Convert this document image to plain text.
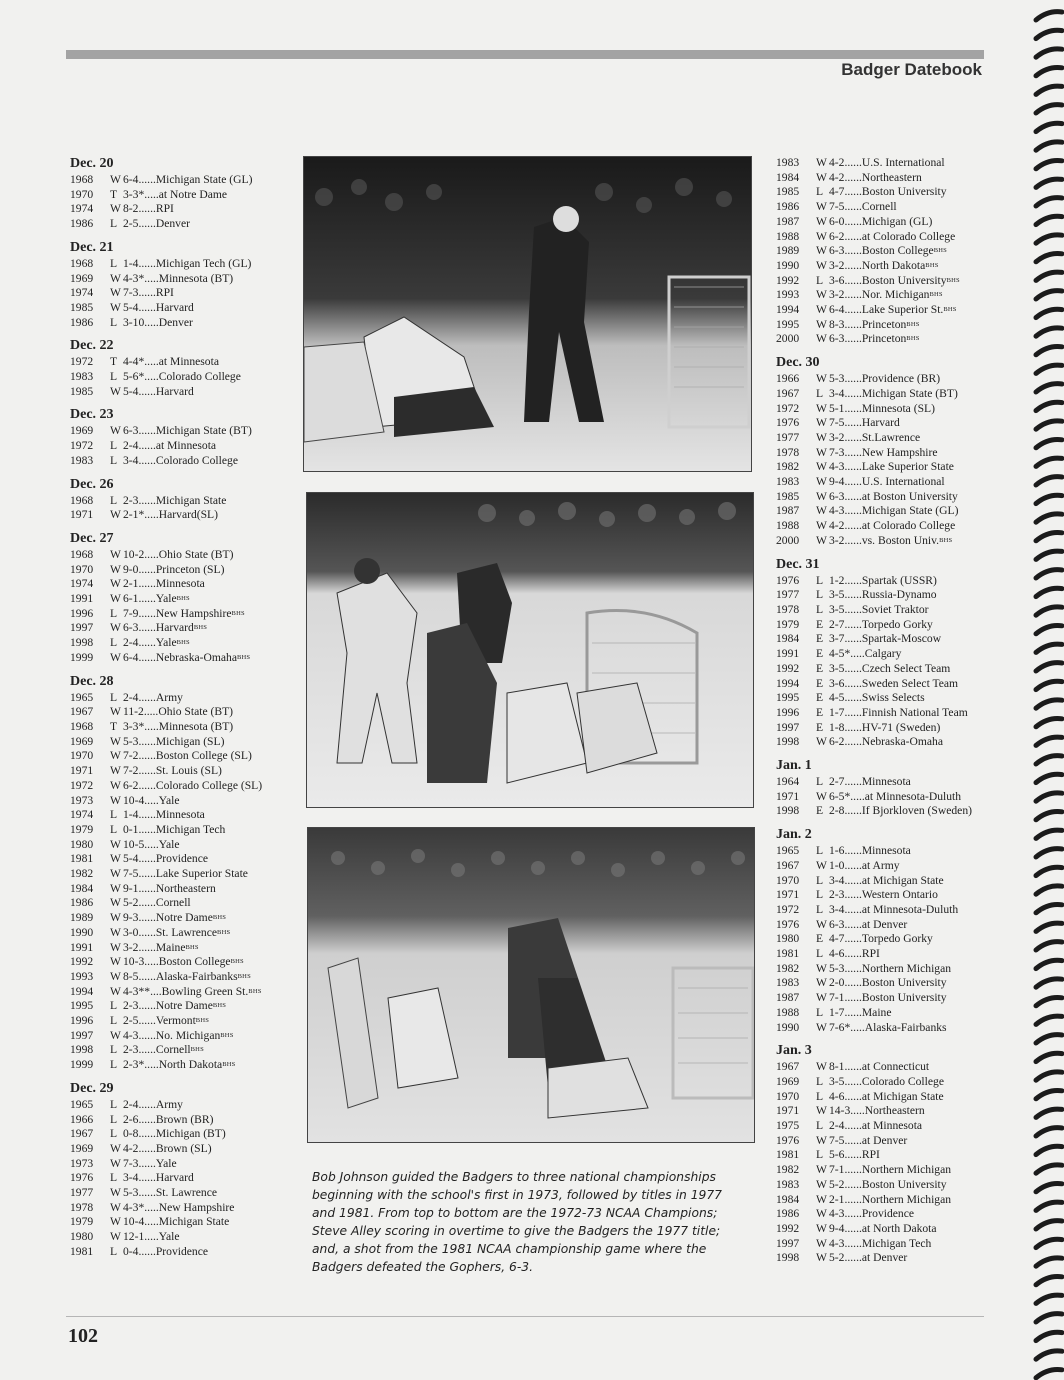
Badger Datebook
Dec. 20
1968	W 6-4 ...... Michigan State (GL)
1970	T 3-3* ..... at Notre Dame
1974	W 8-2 ...... RPI
1986	L 2-5 ...... Denver
Dec. 21
1968	L 1-4 ...... Michigan Tech (GL)
1969	W 4-3* ..... Minnesota (BT)
1974	W 7-3 ...... RPI
1985	W 5-4 ...... Harvard
1986	L 3-10 ..... Denver
Dec. 22
1972	T 4-4* ..... at Minnesota
1983	L 5-6* ..... Colorado College
1985	W 5-4 ...... Harvard
Dec. 23
1969	W 6-3 ...... Michigan State (BT)
1972	L 2-4 ...... at Minnesota
1983	L 3-4 ...... Colorado College
Dec. 26
1968	L 2-3 ...... Michigan State
1971	W 2-1* ..... Harvard(SL)
Dec. 27
1968	W 10-2 ..... Ohio State (BT)
1970	W 9-0 ...... Princeton (SL)
1974	W 2-1 ...... Minnesota
1991	W 6-1 ...... Yale BHS
1996	L 7-9 ...... New Hampshire BHS
1997	W 6-3 ...... Harvard BHS
1998	L 2-4 ...... Yale BHS
1999	W 6-4 ...... Nebraska-Omaha BHS
Dec. 28
1965	L 2-4 ...... Army
1967	W 11-2 ..... Ohio State (BT)
1968	T 3-3* ..... Minnesota (BT)
1969	W 5-3 ...... Michigan (SL)
1970	W 7-2 ...... Boston College (SL)
1971	W 7-2 ...... St. Louis (SL)
1972	W 6-2 ...... Colorado College (SL)
1973	W 10-4 ..... Yale
1974	L 1-4 ...... Minnesota
1979	L 0-1 ...... Michigan Tech
1980	W 10-5 ..... Yale
1981	W 5-4 ...... Providence
1982	W 7-5 ...... Lake Superior State
1984	W 9-1 ...... Northeastern
1986	W 5-2 ...... Cornell
1989	W 9-3 ...... Notre Dame BHS
1990	W 3-0 ...... St. Lawrence BHS
1991	W 3-2 ...... Maine BHS
1992	W 10-3 ..... Boston College BHS
1993	W 8-5 ...... Alaska-Fairbanks BHS
1994	W 4-3** .... Bowling Green St. BHS
1995	L 2-3 ...... Notre Dame BHS
1996	L 2-5 ...... Vermont BHS
1997	W 4-3 ...... No. Michigan BHS
1998	L 2-3 ...... Cornell BHS
1999	L 2-3* ..... North Dakota BHS
Dec. 29
1965	L 2-4 ...... Army
1966	L 2-6 ...... Brown (BR)
1967	L 0-8 ...... Michigan (BT)
1969	W 4-2 ...... Brown (SL)
1973	W 7-3 ...... Yale
1976	L 3-4 ...... Harvard
1977	W 5-3 ...... St. Lawrence
1978	W 4-3* ..... New Hampshire
1979	W 10-4 ..... Michigan State
1980	W 12-1 ..... Yale
1981	L 0-4 ...... Providence
1983	W 4-2 ...... U.S. International
1984	W 4-2 ...... Northeastern
1985	L 4-7 ...... Boston University
1986	W 7-5 ...... Cornell
1987	W 6-0 ...... Michigan (GL)
1988	W 6-2 ...... at Colorado College
1989	W 6-3 ...... Boston College BHS
1990	W 3-2 ...... North Dakota BHS
1992	L 3-6 ...... Boston University BHS
1993	W 3-2 ...... Nor. Michigan BHS
1994	W 6-4 ...... Lake Superior St. BHS
1995	W 8-3 ...... Princeton BHS
2000	W 6-3 ...... Princeton BHS
Dec. 30
1966	W 5-3 ...... Providence (BR)
1967	L 3-4 ...... Michigan State (BT)
1972	W 5-1 ...... Minnesota (SL)
1976	W 7-5 ...... Harvard
1977	W 3-2 ...... St.Lawrence
1978	W 7-3 ...... New Hampshire
1982	W 4-3 ...... Lake Superior State
1983	W 9-4 ...... U.S. International
1985	W 6-3 ...... at Boston University
1987	W 4-3 ...... Michigan State (GL)
1988	W 4-2 ...... at Colorado College
2000	W 3-2 ...... vs. Boston Univ. BHS
Dec. 31
1976	L 1-2 ...... Spartak (USSR)
1977	L 3-5 ...... Russia-Dynamo
1978	L 3-5 ...... Soviet Traktor
1979	E 2-7 ...... Torpedo Gorky
1984	E 3-7 ...... Spartak-Moscow
1991	E 4-5* ..... Calgary
1992	E 3-5 ...... Czech Select Team
1994	E 3-6 ...... Sweden Select Team
1995	E 4-5 ...... Swiss Selects
1996	E 1-7 ...... Finnish National Team
1997	E 1-8 ...... HV-71 (Sweden)
1998	W 6-2 ...... Nebraska-Omaha
Jan. 1
1964	L 2-7 ...... Minnesota
1971	W 6-5* ..... at Minnesota-Duluth
1998	E 2-8 ...... If Bjorkloven (Sweden)
Jan. 2
1965	L 1-6 ...... Minnesota
1967	W 1-0 ...... at Army
1970	L 3-4 ...... at Michigan State
1971	L 2-3 ...... Western Ontario
1972	L 3-4 ...... at Minnesota-Duluth
1976	W 6-3 ...... at Denver
1980	E 4-7 ...... Torpedo Gorky
1981	L 4-6 ...... RPI
1982	W 5-3 ...... Northern Michigan
1983	W 2-0 ...... Boston University
1987	W 7-1 ...... Boston University
1988	L 1-7 ...... Maine
1990	W 7-6* ..... Alaska-Fairbanks
Jan. 3
1967	W 8-1 ...... at Connecticut
1969	L 3-5 ...... Colorado College
1970	L 4-6 ...... at Michigan State
1971	W 14-3 ..... Northeastern
1975	L 2-4 ...... at Minnesota
1976	W 7-5 ...... at Denver
1981	L 5-6 ...... RPI
1982	W 7-1 ...... Northern Michigan
1983	W 5-2 ...... Boston University
1984	W 2-1 ...... Northern Michigan
1986	W 4-3 ...... Providence
1992	W 9-4 ...... at North Dakota
1997	W 4-3 ...... Michigan Tech
1998	W 5-2 ...... at Denver
Bob Johnson guided the Badgers to three national championships beginning with the school's first in 1973, followed by titles in 1977 and 1981. From top to bottom are the 1972-73 NCAA Champions; Steve Alley scoring in overtime to give the Badgers the 1977 title; and, a shot from the 1981 NCAA championship game where the Badgers defeated the Gophers, 6-3.
102
